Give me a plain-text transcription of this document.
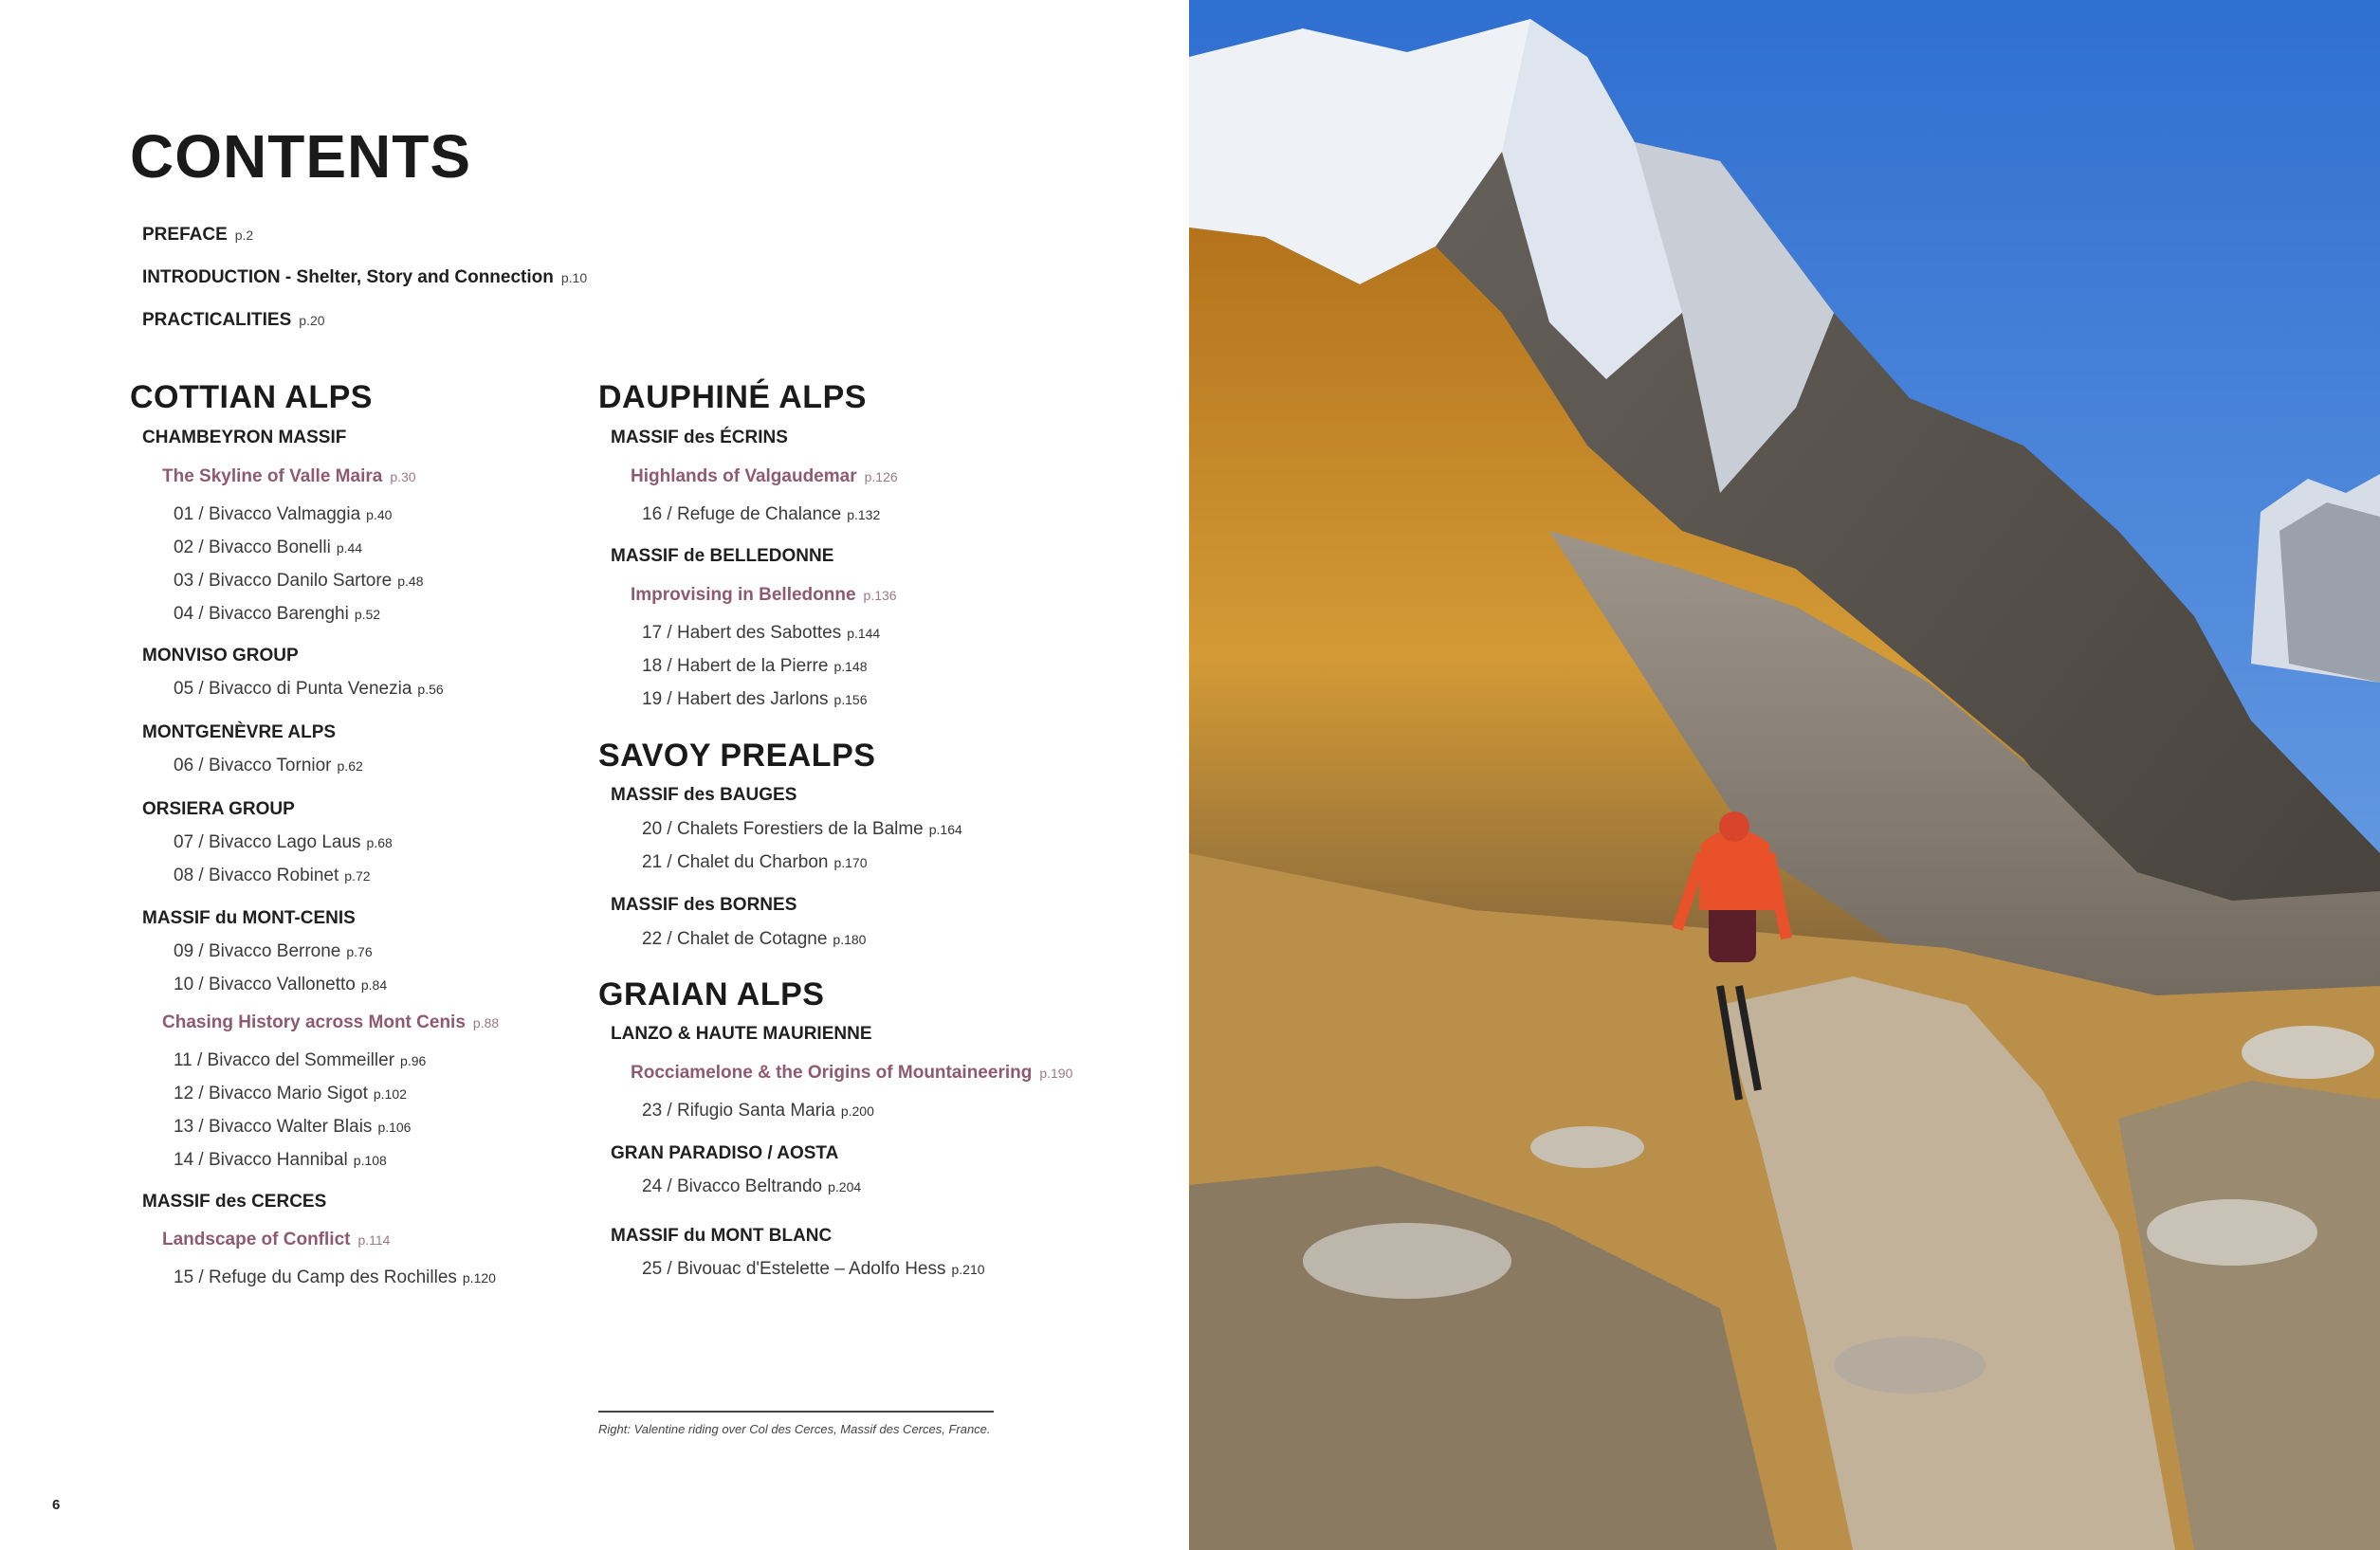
CONTENTS
PREFACE p.2
INTRODUCTION - Shelter, Story and Connection p.10
PRACTICALITIES p.20
COTTIAN ALPS
CHAMBEYRON MASSIF
The Skyline of Valle Maira p.30
01 / Bivacco Valmaggia p.40
02 / Bivacco Bonelli p.44
03 / Bivacco Danilo Sartore p.48
04 / Bivacco Barenghi p.52
MONVISO GROUP
05 / Bivacco di Punta Venezia p.56
MONTGENÈVRE ALPS
06 / Bivacco Tornior p.62
ORSIERA GROUP
07 / Bivacco Lago Laus p.68
08 / Bivacco Robinet p.72
MASSIF du MONT-CENIS
09 / Bivacco Berrone p.76
10 / Bivacco Vallonetto p.84
Chasing History across Mont Cenis p.88
11 / Bivacco del Sommeiller p.96
12 / Bivacco Mario Sigot p.102
13 / Bivacco Walter Blais p.106
14 / Bivacco Hannibal p.108
MASSIF des CERCES
Landscape of Conflict p.114
15 / Refuge du Camp des Rochilles p.120
DAUPHINÉ ALPS
MASSIF des ÉCRINS
Highlands of Valgaudemar p.126
16 / Refuge de Chalance p.132
MASSIF de BELLEDONNE
Improvising in Belledonne p.136
17 / Habert des Sabottes p.144
18 / Habert de la Pierre p.148
19 / Habert des Jarlons p.156
SAVOY PREALPS
MASSIF des BAUGES
20 / Chalets Forestiers de la Balme p.164
21 / Chalet du Charbon p.170
MASSIF des BORNES
22 / Chalet de Cotagne p.180
GRAIAN ALPS
LANZO & HAUTE MAURIENNE
Rocciamelone & the Origins of Mountaineering p.190
23 / Rifugio Santa Maria p.200
GRAN PARADISO / AOSTA
24 / Bivacco Beltrando p.204
MASSIF du MONT BLANC
25 / Bivouac d'Estelette – Adolfo Hess p.210
Right: Valentine riding over Col des Cerces, Massif des Cerces, France.
6
